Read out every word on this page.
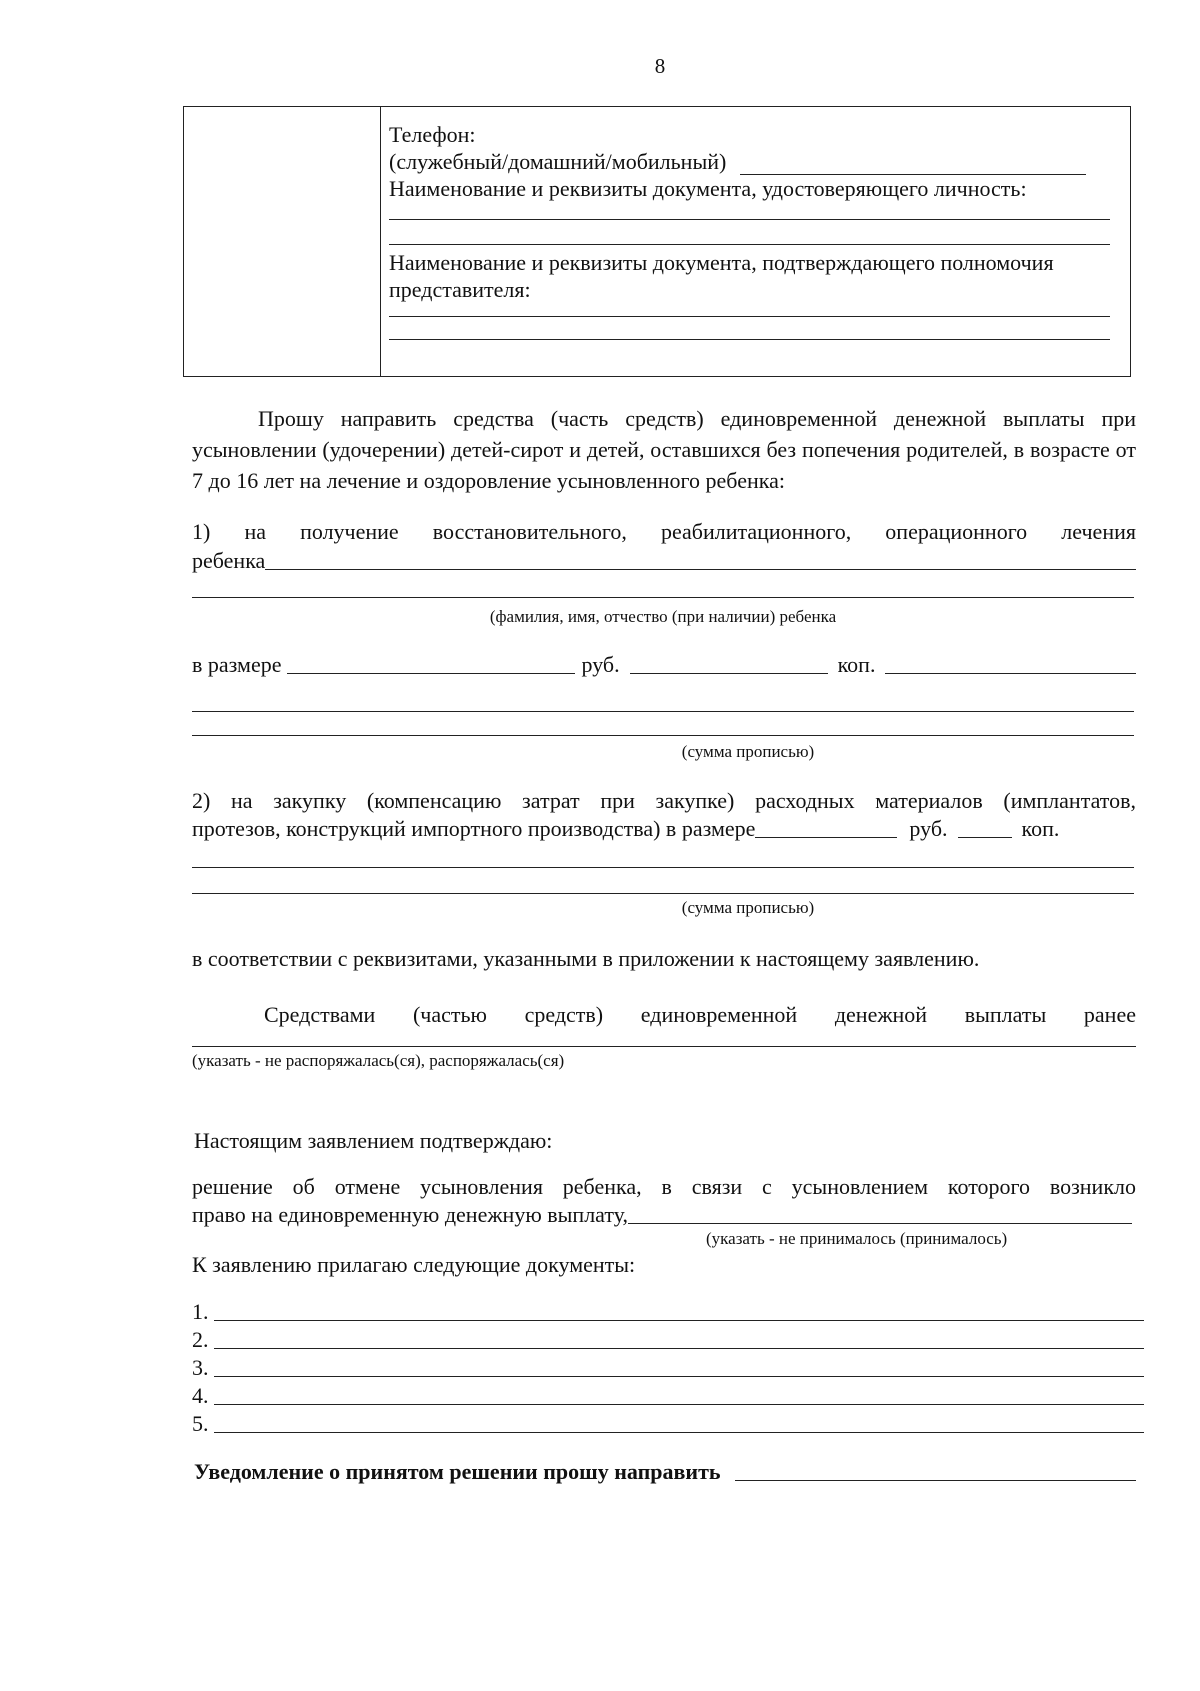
8
Телефон:
(служебный/домашний/мобильный)
Наименование и реквизиты документа, удостоверяющего личность:
Наименование и реквизиты документа, подтверждающего полномочия представителя:
Прошу направить средства (часть средств) единовременной денежной выплаты при усыновлении (удочерении) детей-сирот и детей, оставшихся без попечения родителей, в возрасте от 7 до 16 лет на лечение и оздоровление усыновленного ребенка:
1) на получение восстановительного, реабилитационного, операционного лечения
ребенка
(фамилия, имя, отчество (при наличии) ребенка
в размере	руб.	коп.
(сумма прописью)
2) на закупку (компенсацию затрат при закупке) расходных материалов (имплантатов,
протезов, конструкций импортного производства) в размере	руб.	коп.
(сумма прописью)
в соответствии с реквизитами, указанными в приложении к настоящему заявлению.
Средствами (частью средств) единовременной денежной выплаты ранее
(указать - не распоряжалась(ся), распоряжалась(ся)
Настоящим заявлением подтверждаю:
решение об отмене усыновления ребенка, в связи с усыновлением которого возникло
право на единовременную денежную выплату,
(указать - не принималось (принималось)
К заявлению прилагаю следующие документы:
1.
2.
3.
4.
5.
Уведомление о принятом решении прошу направить
